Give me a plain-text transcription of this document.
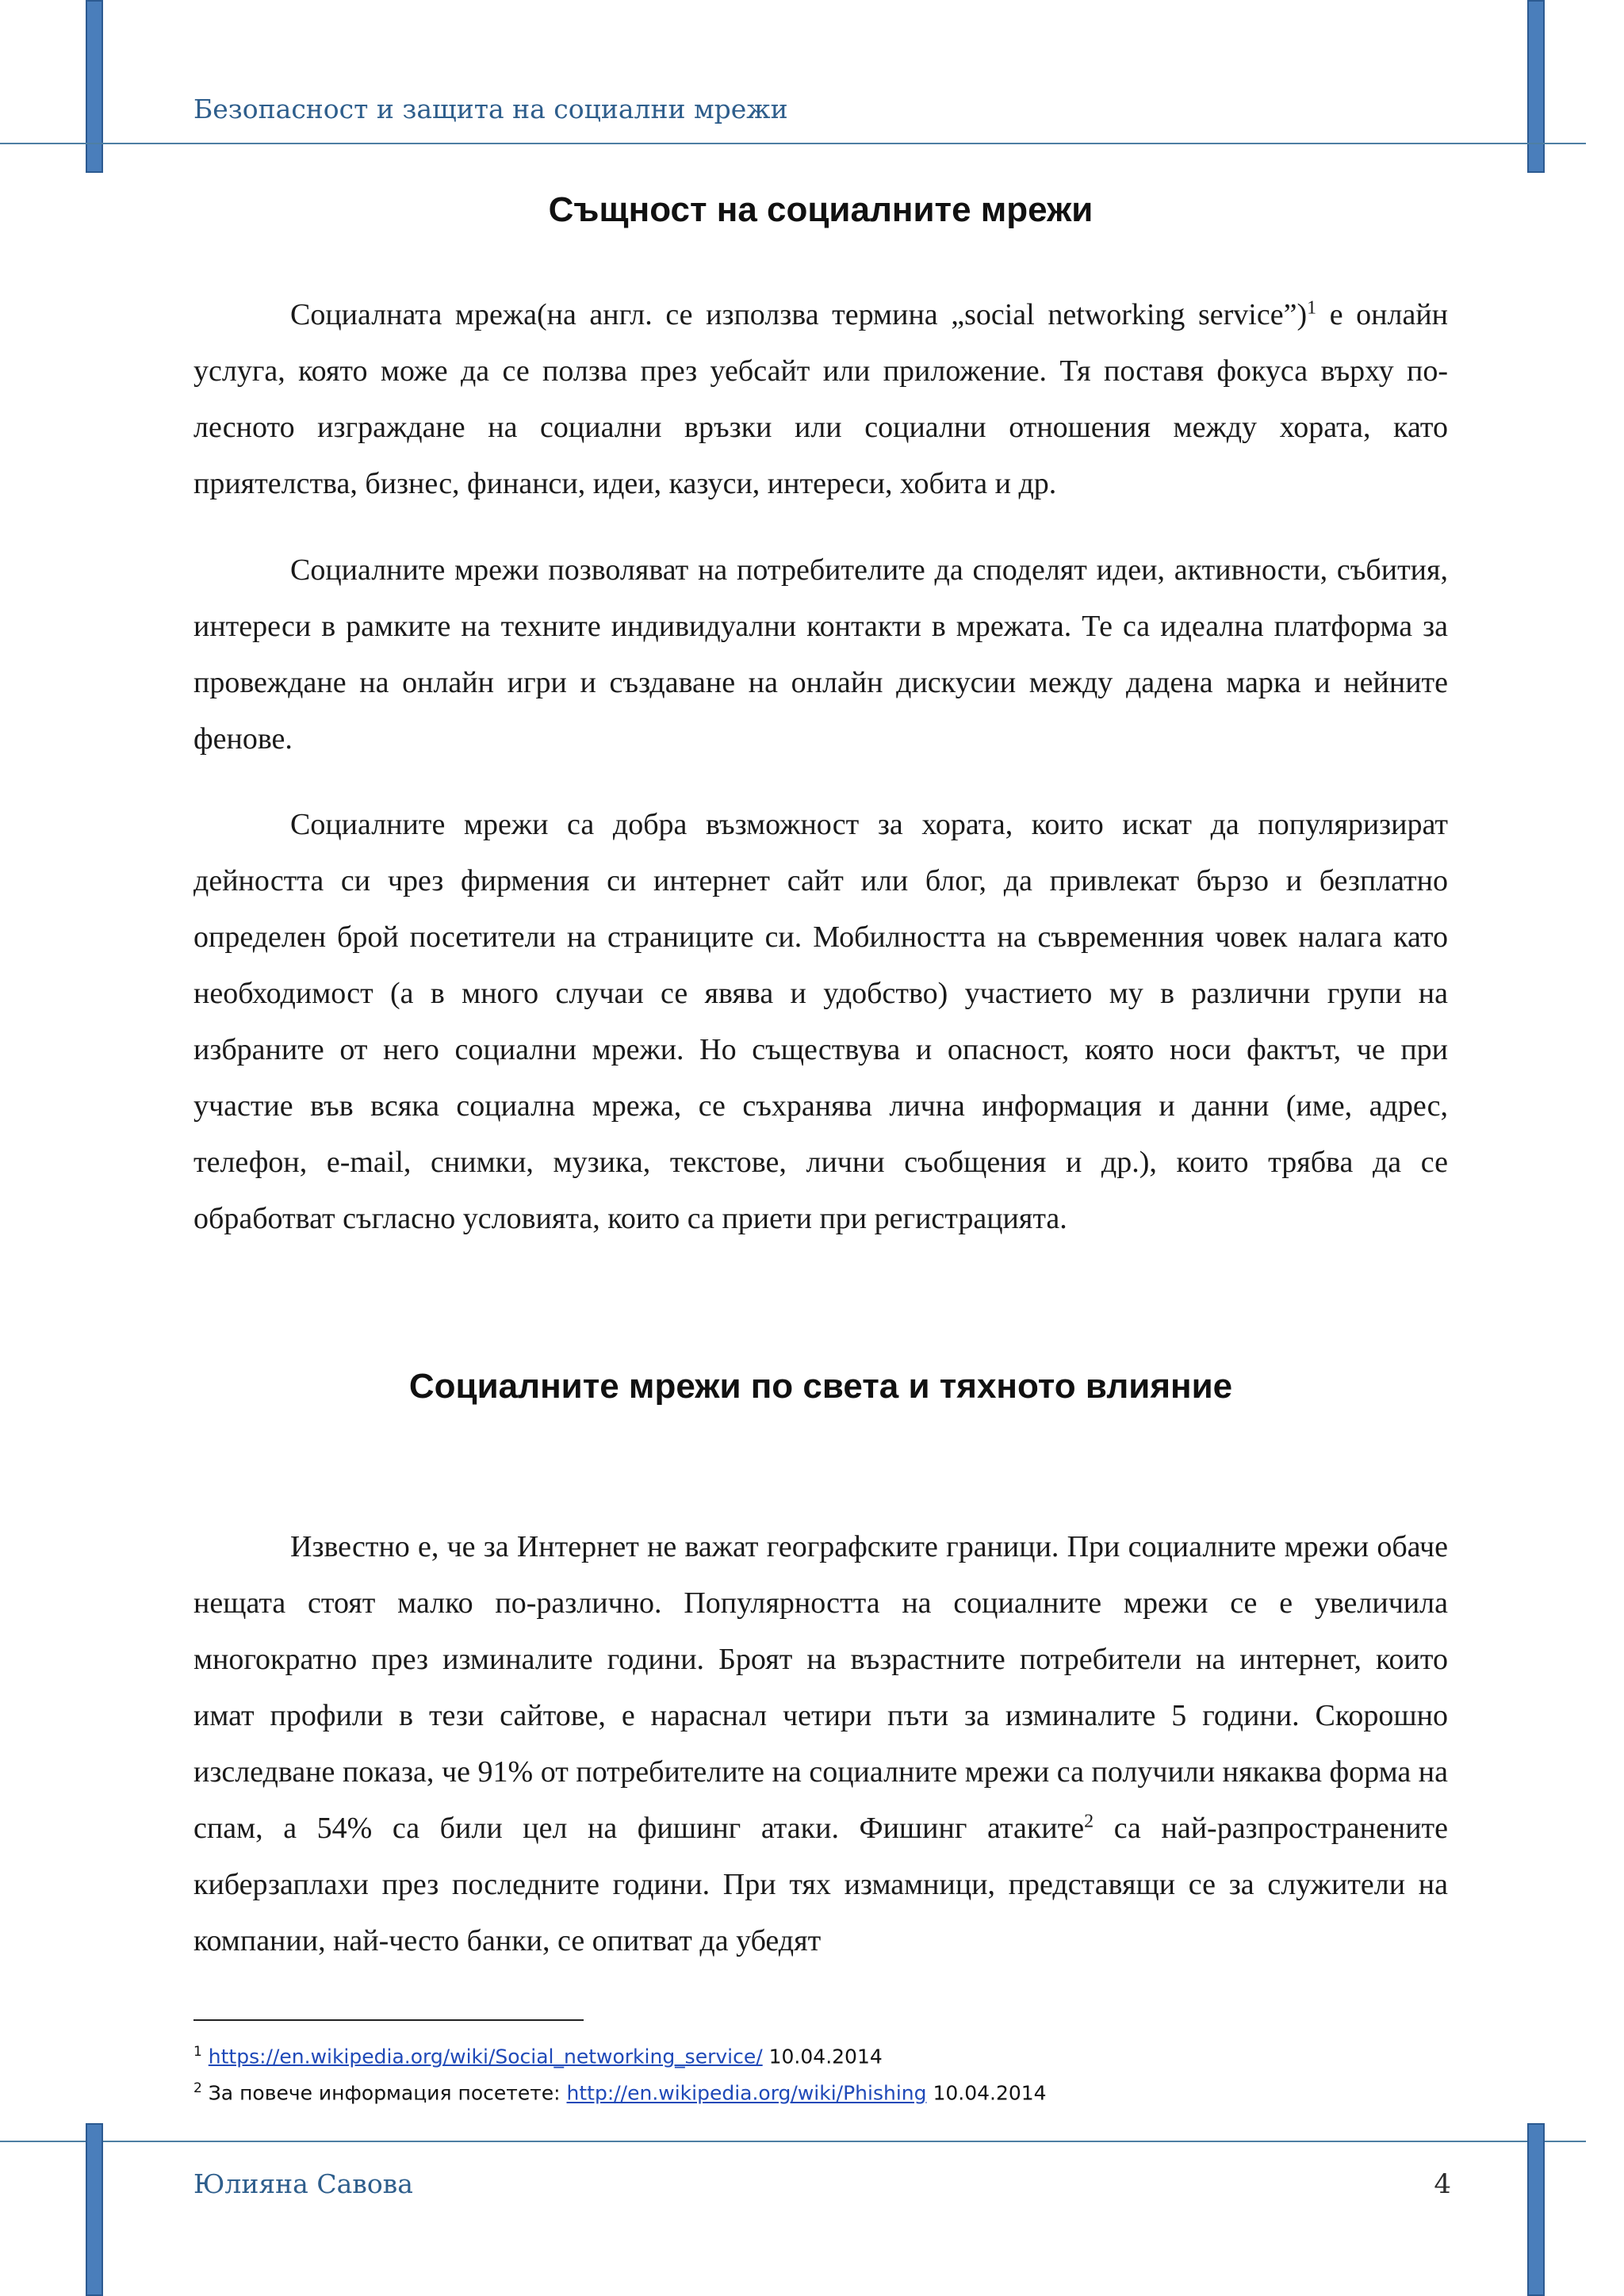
Безопасност и защита на социални мрежи
Същност на социалните мрежи

Социалната мрежа(на англ. се използва термина „social networking service”)$^1$ е онлайн услуга, която може да се ползва през уебсайт или приложение. Тя поставя фокуса върху по-лесното изграждане на социални връзки или социални отношения между хората, като приятелства, бизнес, финанси, идеи, казуси, интереси, хобита и др.

Социалните мрежи позволяват на потребителите да споделят идеи, активности, събития, интереси в рамките на техните индивидуални контакти в мрежата. Те са идеална платформа за провеждане на онлайн игри и създаване на онлайн дискусии между дадена марка и нейните фенове.

Социалните мрежи са добра възможност за хората, които искат да популяризират дейността си чрез фирмения си интернет сайт или блог, да привлекат бързо и безплатно определен брой посетители на страниците си. Мобилността на съвременния човек налага като необходимост (а в много случаи се явява и удобство) участието му в различни групи на избраните от него социални мрежи. Но съществува и опасност, която носи фактът, че при участие във всяка социална мрежа, се съхранява лична информация и данни (име, адрес, телефон, e-mail, снимки, музика, текстове, лични съобщения и др.), които трябва да се обработват съгласно условията, които са приети при регистрацията.

Социалните мрежи по света и тяхното влияние

Известно е, че за Интернет не важат географските граници. При социалните мрежи обаче нещата стоят малко по-различно. Популярността на социалните мрежи се е увеличила многократно през изминалите години. Броят на възрастните потребители на интернет, които имат профили в тези сайтове, е нараснал четири пъти за изминалите 5 години. Скорошно изследване показа, че 91% от потребителите на социалните мрежи са получили някаква форма на спам, а 54% са били цел на фишинг атаки. Фишинг атаките$^2$ са най-разпространените киберзаплахи през последните години. При тях измамници, представящи се за служители на компании, най-често банки, се опитват да убедят

$^1$ https://en.wikipedia.org/wiki/Social_networking_service/ 10.04.2014
$^2$ За повече информация посетете: http://en.wikipedia.org/wiki/Phishing 10.04.2014
Юлияна Савова	4
